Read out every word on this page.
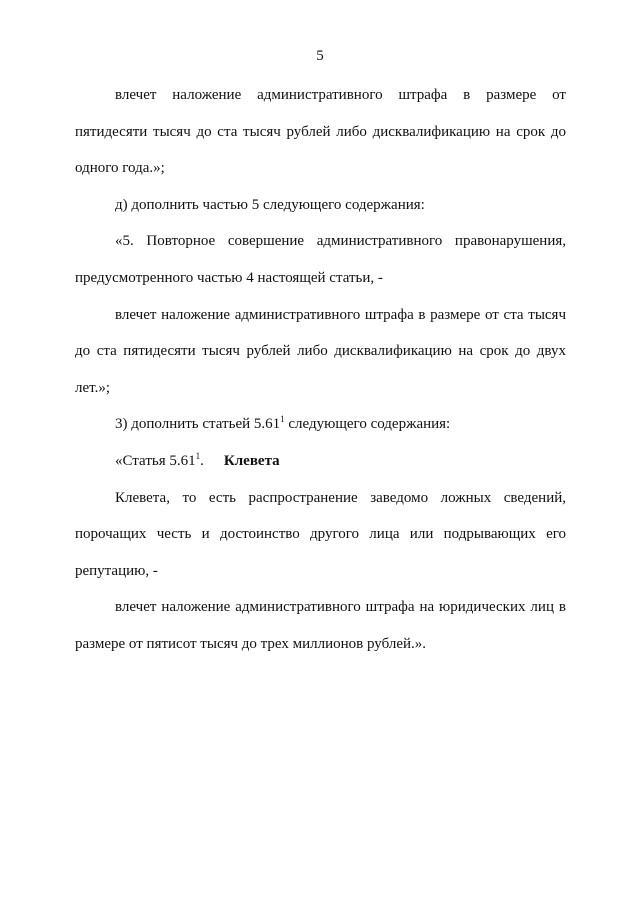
5

влечет наложение административного штрафа в размере от пятидесяти тысяч до ста тысяч рублей либо дисквалификацию на срок до одного года.»;

д) дополнить частью 5 следующего содержания:

«5. Повторное совершение административного правонарушения, предусмотренного частью 4 настоящей статьи, -

влечет наложение административного штрафа в размере от ста тысяч до ста пятидесяти тысяч рублей либо дисквалификацию на срок до двух лет.»;

3) дополнить статьей 5.61$^1$ следующего содержания:

«Статья 5.61$^1$. Клевета

Клевета, то есть распространение заведомо ложных сведений, порочащих честь и достоинство другого лица или подрывающих его репутацию, -

влечет наложение административного штрафа на юридических лиц в размере от пятисот тысяч до трех миллионов рублей.».
